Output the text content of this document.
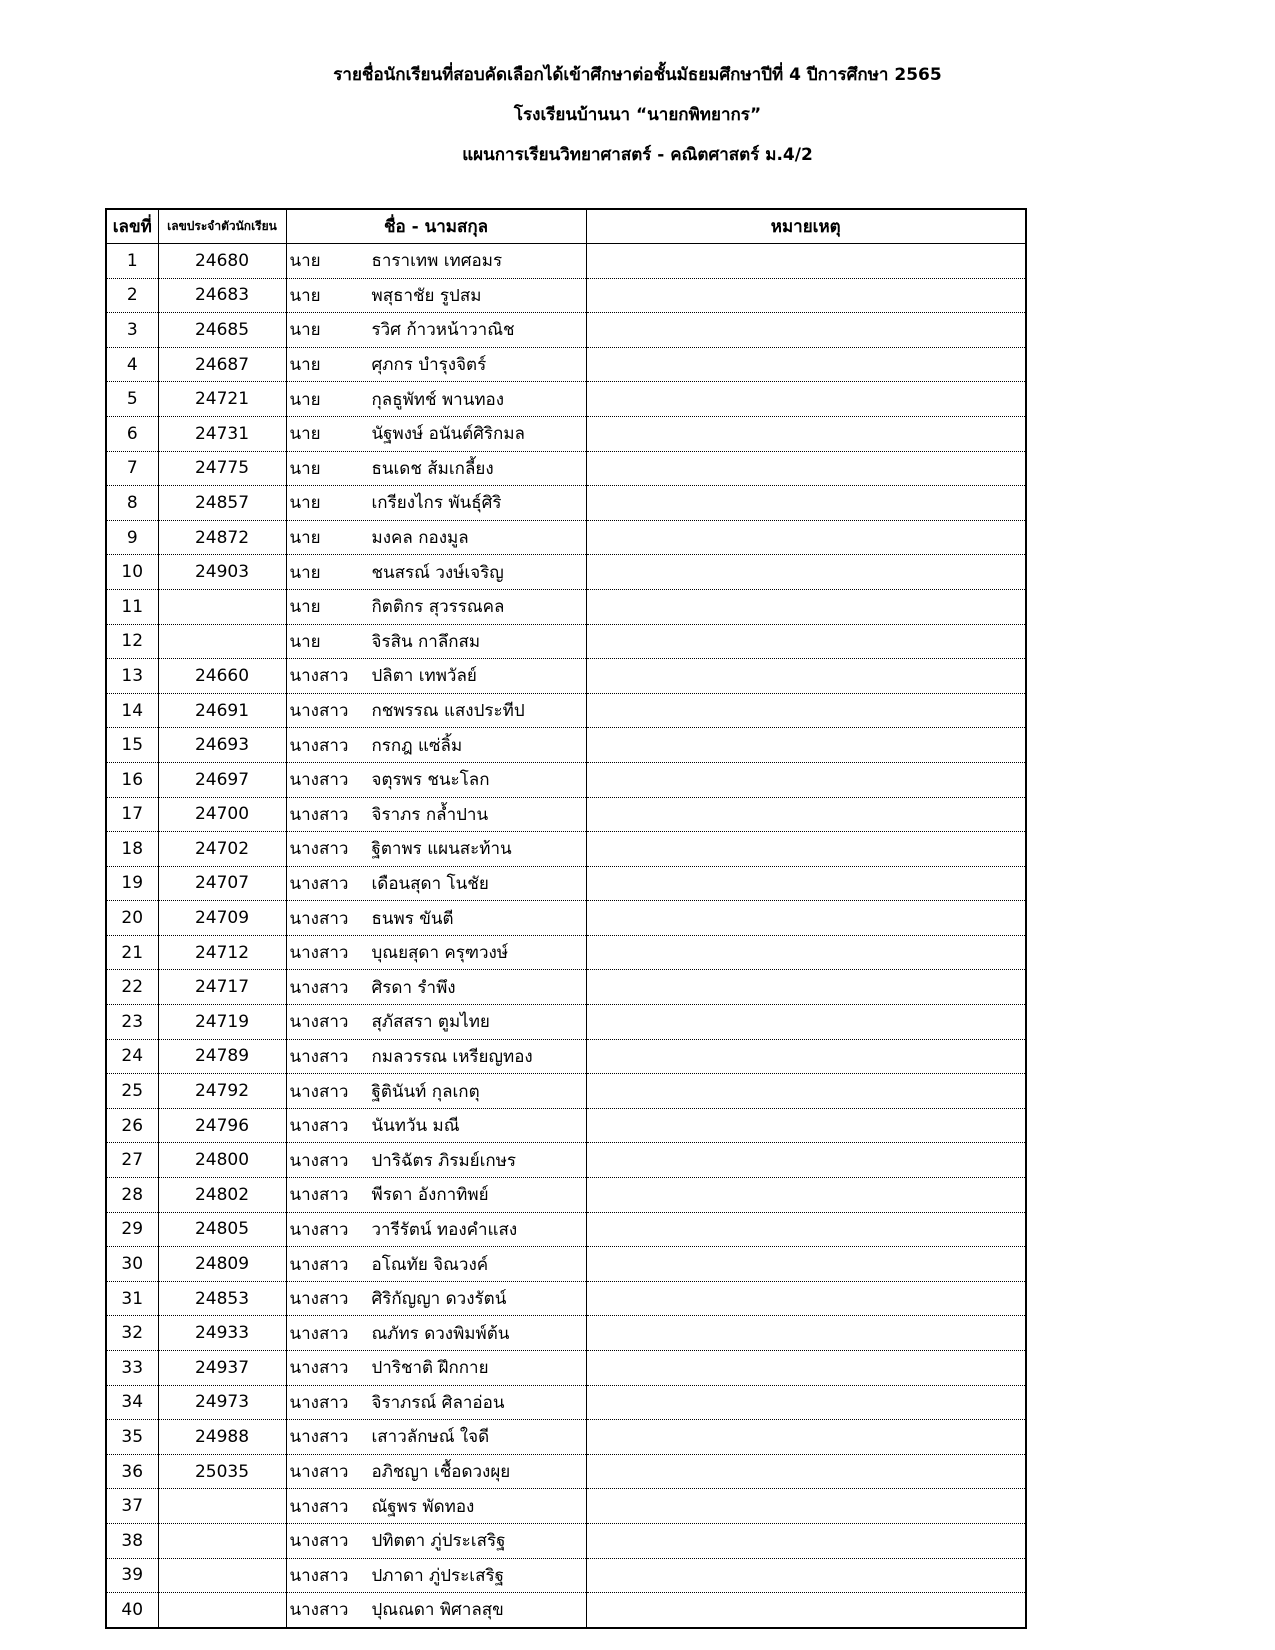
รายชื่อนักเรียนที่สอบคัดเลือกได้เข้าศึกษาต่อชั้นมัธยมศึกษาปีที่ 4 ปีการศึกษา 2565
โรงเรียนบ้านนา “นายกพิทยากร”
แผนการเรียนวิทยาศาสตร์ - คณิตศาสตร์ ม.4/2
เลขที่	เลขประจำตัวนักเรียน	ชื่อ - นามสกุล	หมายเหตุ
1	24680	นาย ธาราเทพ เทศอมร	

2	24683	นาย พสุธาชัย รูปสม	

3	24685	นาย รวิศ ก้าวหน้าวาณิช	

4	24687	นาย ศุภกร บำรุงจิตร์	

5	24721	นาย กุลธูพัทช์ พานทอง	

6	24731	นาย นัฐพงษ์ อนันต์ศิริกมล	

7	24775	นาย ธนเดช ส้มเกลี้ยง	

8	24857	นาย เกรียงไกร พันธุ์ศิริ	

9	24872	นาย มงคล กองมูล	

10	24903	นาย ชนสรณ์ วงษ์เจริญ	

11		นาย กิตติกร สุวรรณคล	

12		นาย จิรสิน กาลึกสม	

13	24660	นางสาว ปลิตา เทพวัลย์	

14	24691	นางสาว กชพรรณ แสงประทีป	

15	24693	นางสาว กรกฎ แซ่ลิ้ม	

16	24697	นางสาว จตุรพร ชนะโลก	

17	24700	นางสาว จิราภร กล้ำปาน	

18	24702	นางสาว ฐิตาพร แผนสะท้าน	

19	24707	นางสาว เดือนสุดา โนชัย	

20	24709	นางสาว ธนพร ขันตี	

21	24712	นางสาว บุณยสุดา ครุฑวงษ์	

22	24717	นางสาว ศิรดา รำพึง	

23	24719	นางสาว สุภัสสรา ตูมไทย	

24	24789	นางสาว กมลวรรณ เหรียญทอง	

25	24792	นางสาว ฐิตินันท์ กุลเกตุ	

26	24796	นางสาว นันทวัน มณี	

27	24800	นางสาว ปาริฉัตร ภิรมย์เกษร	

28	24802	นางสาว พีรดา อังกาทิพย์	

29	24805	นางสาว วารีรัตน์ ทองคำแสง	

30	24809	นางสาว อโณทัย จิณวงค์	

31	24853	นางสาว ศิริกัญญา ดวงรัตน์	

32	24933	นางสาว ณภัทร ดวงพิมพ์ต้น	

33	24937	นางสาว ปาริชาติ ฝึกกาย	

34	24973	นางสาว จิราภรณ์ ศิลาอ่อน	

35	24988	นางสาว เสาวลักษณ์ ใจดี	

36	25035	นางสาว อภิชญา เชื้อดวงผุย	

37		นางสาว ณัฐพร พัดทอง	

38		นางสาว ปทิตตา ภู่ประเสริฐ	

39		นางสาว ปภาดา ภู่ประเสริฐ	

40		นางสาว ปุณณดา พิศาลสุข	
